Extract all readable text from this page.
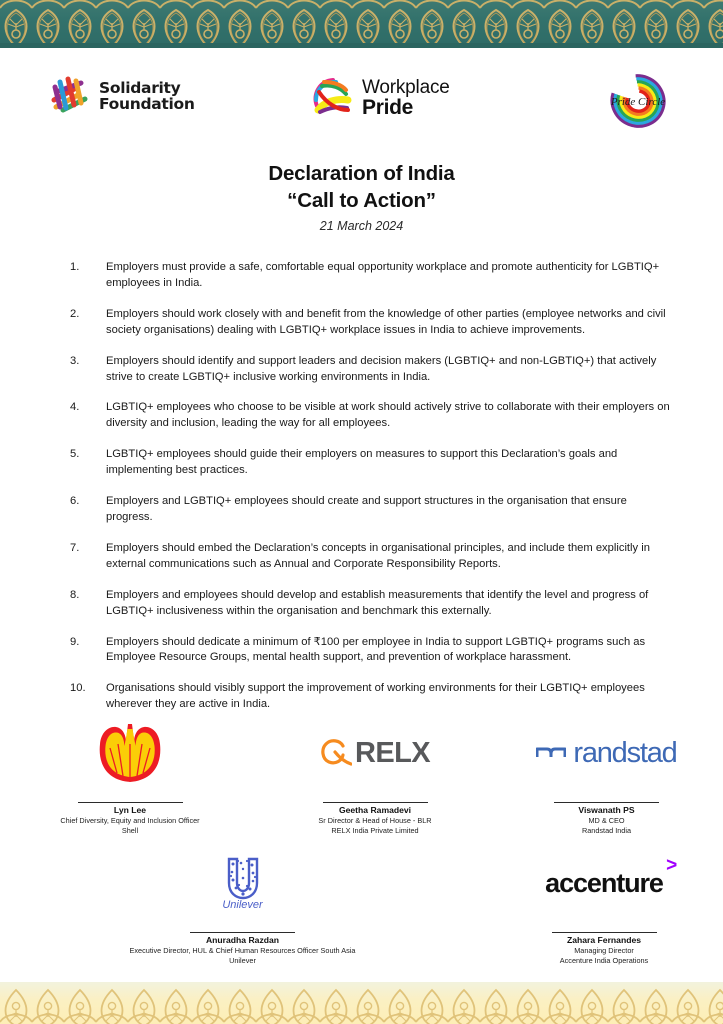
Solidarity
Foundation
Workplace
Pride	Pride Circle
Declaration of India
“Call to Action”
21 March 2024
1.	Employers must provide a safe, comfortable equal opportunity workplace and promote authenticity for LGBTIQ+ employees in India.
2.	Employers should work closely with and benefit from the knowledge of other parties (employee networks and civil society organisations) dealing with LGBTIQ+ workplace issues in India to achieve improvements.
3.	Employers should identify and support leaders and decision makers (LGBTIQ+ and non-LGBTIQ+) that actively strive to create LGBTIQ+ inclusive working environments in India.
4.	LGBTIQ+ employees who choose to be visible at work should actively strive to collaborate with their employers on diversity and inclusion, leading the way for all employees.
5.	LGBTIQ+ employees should guide their employers on measures to support this Declaration’s goals and implementing best practices.
6.	Employers and LGBTIQ+ employees should create and support structures in the organisation that ensure progress.
7.	Employers should embed the Declaration’s concepts in organisational principles, and include them explicitly in external communications such as Annual and Corporate Responsibility Reports.
8.	Employers and employees should develop and establish measurements that identify the level and progress of LGBTIQ+ inclusiveness within the organisation and benchmark this externally.
9.	Employers should dedicate a minimum of ₹100 per employee in India to support LGBTIQ+ programs such as Employee Resource Groups, mental health support, and prevention of workplace harassment.
10.	Organisations should visibly support the improvement of working environments for their LGBTIQ+ employees wherever they are active in India.
Lyn Lee
Chief Diversity, Equity and Inclusion Officer
Shell
RELX
Geetha Ramadevi
Sr Director & Head of House - BLR
RELX India Private Limited
randstad
Viswanath PS
MD & CEO
Randstad India
Unilever
Anuradha Razdan
Executive Director, HUL & Chief Human Resources Officer South Asia
Unilever
>
accenture
Zahara Fernandes
Managing Director
Accenture India Operations
